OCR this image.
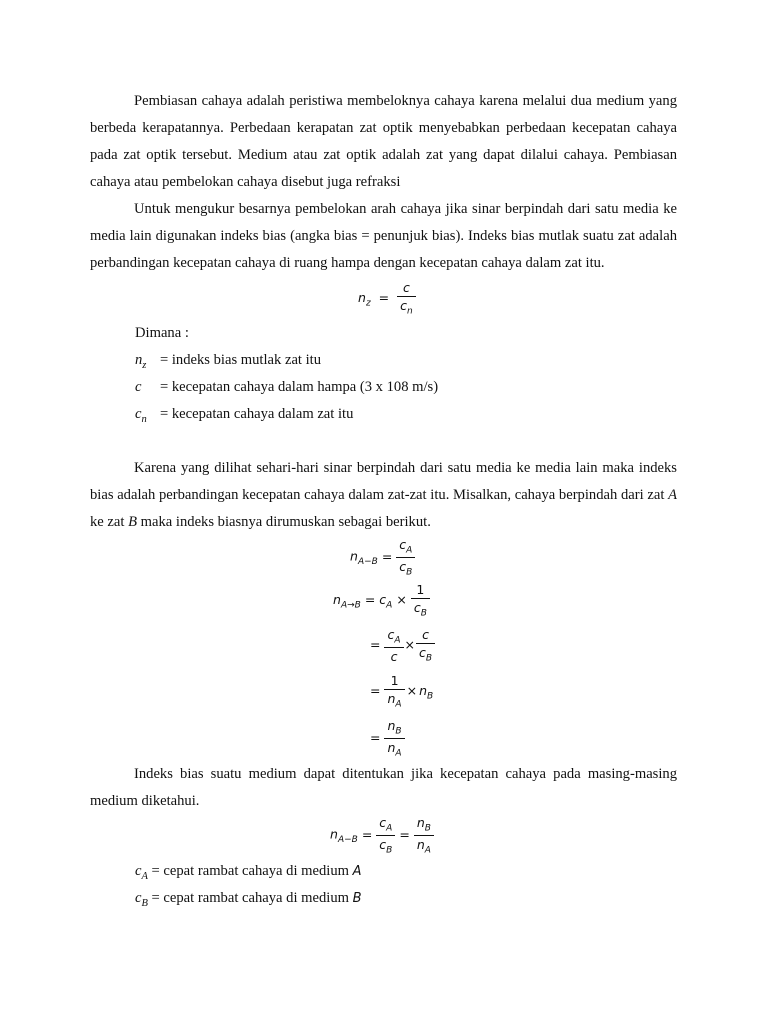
Pembiasan cahaya adalah peristiwa membeloknya cahaya karena melalui dua medium yang berbeda kerapatannya. Perbedaan kerapatan zat optik menyebabkan perbedaan kecepatan cahaya pada zat optik tersebut. Medium atau zat optik adalah zat yang dapat dilalui cahaya. Pembiasan cahaya atau pembelokan cahaya disebut juga refraksi
Untuk mengukur besarnya pembelokan arah cahaya jika sinar berpindah dari satu media ke media lain digunakan indeks bias (angka bias = penunjuk bias). Indeks bias mutlak suatu zat adalah perbandingan kecepatan cahaya di ruang hampa dengan kecepatan cahaya dalam zat itu.
$n_z = \frac{c}{c_n}$
Dimana :
$n_z$ = indeks bias mutlak zat itu
c = kecepatan cahaya dalam hampa (3 x 108 m/s)
$c_n$ = kecepatan cahaya dalam zat itu
Karena yang dilihat sehari-hari sinar berpindah dari satu media ke media lain maka indeks bias adalah perbandingan kecepatan cahaya dalam zat-zat itu. Misalkan, cahaya berpindah dari zat A ke zat B maka indeks biasnya dirumuskan sebagai berikut.
$n_{A-B} = \frac{c_A}{c_B}$
$n_{A\to B} = c_A \times \frac{1}{c_B}$
= $\frac{c_A}{c} \times \frac{c}{c_B}$
= $\frac{1}{n_A} \times n_B$
= $\frac{n_B}{n_A}$
Indeks bias suatu medium dapat ditentukan jika kecepatan cahaya pada masing-masing medium diketahui.
$n_{A-B} = \frac{c_A}{c_B} = \frac{n_B}{n_A}$
$c_A$ = cepat rambat cahaya di medium A
$c_B$ = cepat rambat cahaya di medium B
